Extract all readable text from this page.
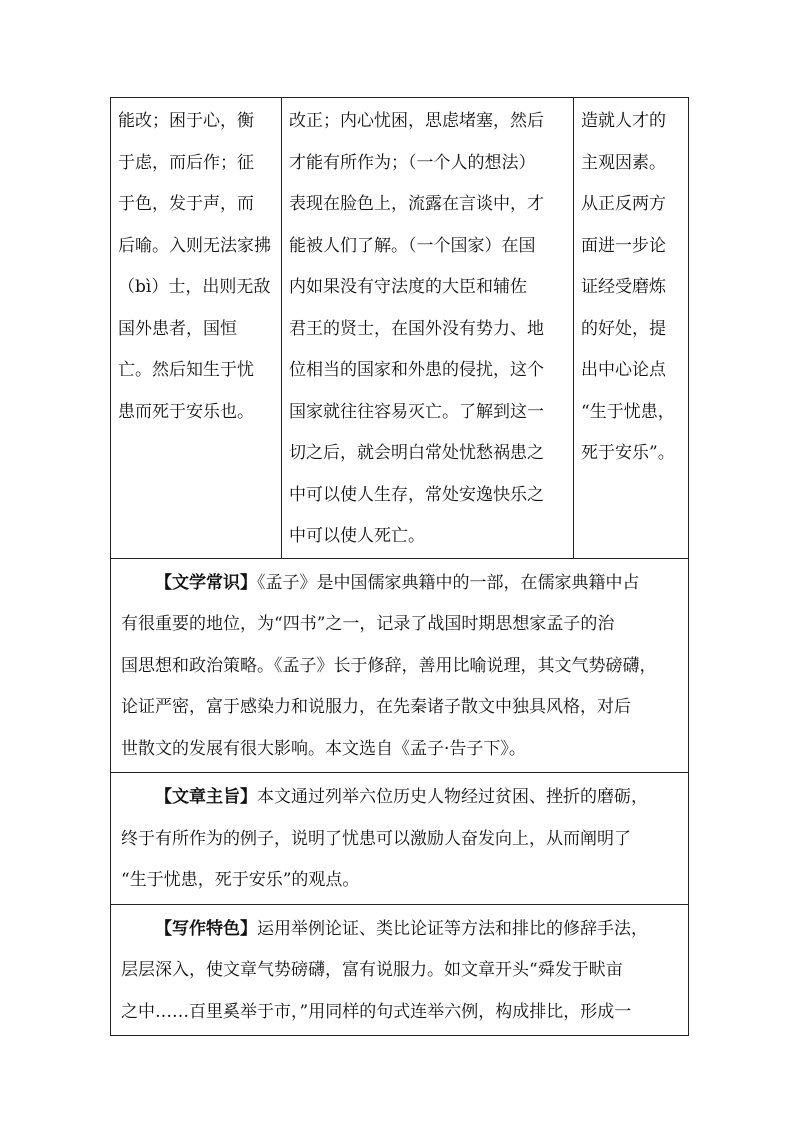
能改；困于心，衡
于虑，而后作；征
于色，发于声，而
后喻。入则无法家拂
（bì）士，出则无敌
国外患者，国恒
亡。然后知生于忧
患而死于安乐也。

改正；内心忧困，思虑堵塞，然后
才能有所作为；（一个人的想法）
表现在脸色上，流露在言谈中，才
能被人们了解。（一个国家）在国
内如果没有守法度的大臣和辅佐
君王的贤士，在国外没有势力、地
位相当的国家和外患的侵扰，这个
国家就往往容易灭亡。了解到这一
切之后，就会明白常处忧愁祸患之
中可以使人生存，常处安逸快乐之
中可以使人死亡。

造就人才的
主观因素。
从正反两方
面进一步论
证经受磨炼
的好处，提
出中心论点
“生于忧患，
死于安乐”。

【文学常识】《孟子》是中国儒家典籍中的一部，在儒家典籍中占
有很重要的地位，为“四书”之一，记录了战国时期思想家孟子的治
国思想和政治策略。《孟子》长于修辞，善用比喻说理，其文气势磅礴，
论证严密，富于感染力和说服力，在先秦诸子散文中独具风格，对后
世散文的发展有很大影响。本文选自《孟子·告子下》。

【文章主旨】本文通过列举六位历史人物经过贫困、挫折的磨砺，
终于有所作为的例子，说明了忧患可以激励人奋发向上，从而阐明了
“生于忧患，死于安乐”的观点。

【写作特色】运用举例论证、类比论证等方法和排比的修辞手法，
层层深入，使文章气势磅礴，富有说服力。如文章开头“舜发于畎亩
之中……百里奚举于市，”用同样的句式连举六例，构成排比，形成一
